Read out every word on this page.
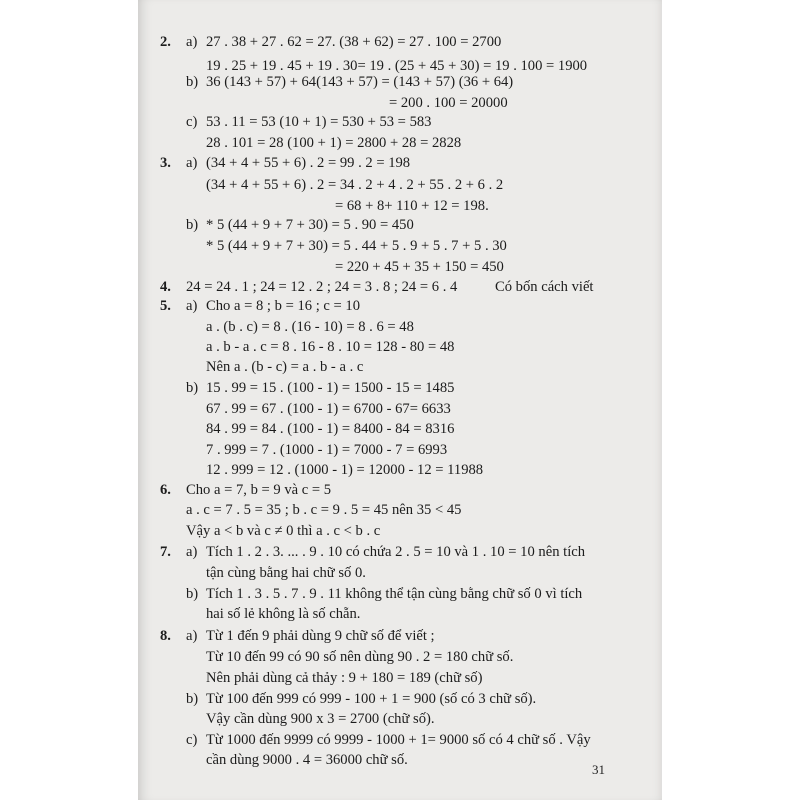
2. a) 27 . 38 + 27 . 62 = 27. (38 + 62) = 27 . 100 = 2700
19 . 25 + 19 . 45 + 19 . 30= 19 . (25 + 45 + 30) = 19 . 100 = 1900
b) 36 (143 + 57) + 64(143 + 57) = (143 + 57) (36 + 64)
= 200 . 100 = 20000
c) 53 . 11 = 53 (10 + 1) = 530 + 53 = 583
28 . 101 = 28 (100 + 1) = 2800 + 28 = 2828
3. a) (34 + 4 + 55 + 6) . 2 = 99 . 2 = 198
(34 + 4 + 55 + 6) . 2 = 34 . 2 + 4 . 2 + 55 . 2 + 6 . 2
= 68 + 8+ 110 + 12 = 198.
b) * 5 (44 + 9 + 7 + 30) = 5 . 90 = 450
* 5 (44 + 9 + 7 + 30) = 5 . 44 + 5 . 9 + 5 . 7 + 5 . 30
= 220 + 45 + 35 + 150 = 450
4. 24 = 24 . 1 ; 24 = 12 . 2 ; 24 = 3 . 8 ; 24 = 6 . 4	Có bốn cách viết
5. a) Cho a = 8 ; b = 16 ; c = 10
a . (b . c) = 8 . (16 - 10) = 8 . 6 = 48
a . b - a . c = 8 . 16 - 8 . 10 = 128 - 80 = 48
Nên a . (b - c) = a . b - a . c
b) 15 . 99 = 15 . (100 - 1) = 1500 - 15 = 1485
67 . 99 = 67 . (100 - 1) = 6700 - 67= 6633
84 . 99 = 84 . (100 - 1) = 8400 - 84 = 8316
7 . 999 = 7 . (1000 - 1) = 7000 - 7 = 6993
12 . 999 = 12 . (1000 - 1) = 12000 - 12 = 11988
6. Cho a = 7, b = 9 và c = 5
a . c = 7 . 5 = 35 ; b . c = 9 . 5 = 45 nên 35 < 45
Vậy a < b và c ≠ 0 thì a . c < b . c
7. a) Tích 1 . 2 . 3. ... . 9 . 10 có chứa 2 . 5 = 10 và 1 . 10 = 10 nên tích
tận cùng bằng hai chữ số 0.
b) Tích 1 . 3 . 5 . 7 . 9 . 11 không thể tận cùng bằng chữ số 0 vì tích
hai số lẻ không là số chẵn.
8. a) Từ 1 đến 9 phải dùng 9 chữ số để viết ;
Từ 10 đến 99 có 90 số nên dùng 90 . 2 = 180 chữ số.
Nên phải dùng cả thảy : 9 + 180 = 189 (chữ số)
b) Từ 100 đến 999 có 999 - 100 + 1 = 900 (số có 3 chữ số).
Vậy cần dùng 900 x 3 = 2700 (chữ số).
c) Từ 1000 đến 9999 có 9999 - 1000 + 1= 9000 số có 4 chữ số . Vậy
cần dùng 9000 . 4 = 36000 chữ số.
31
